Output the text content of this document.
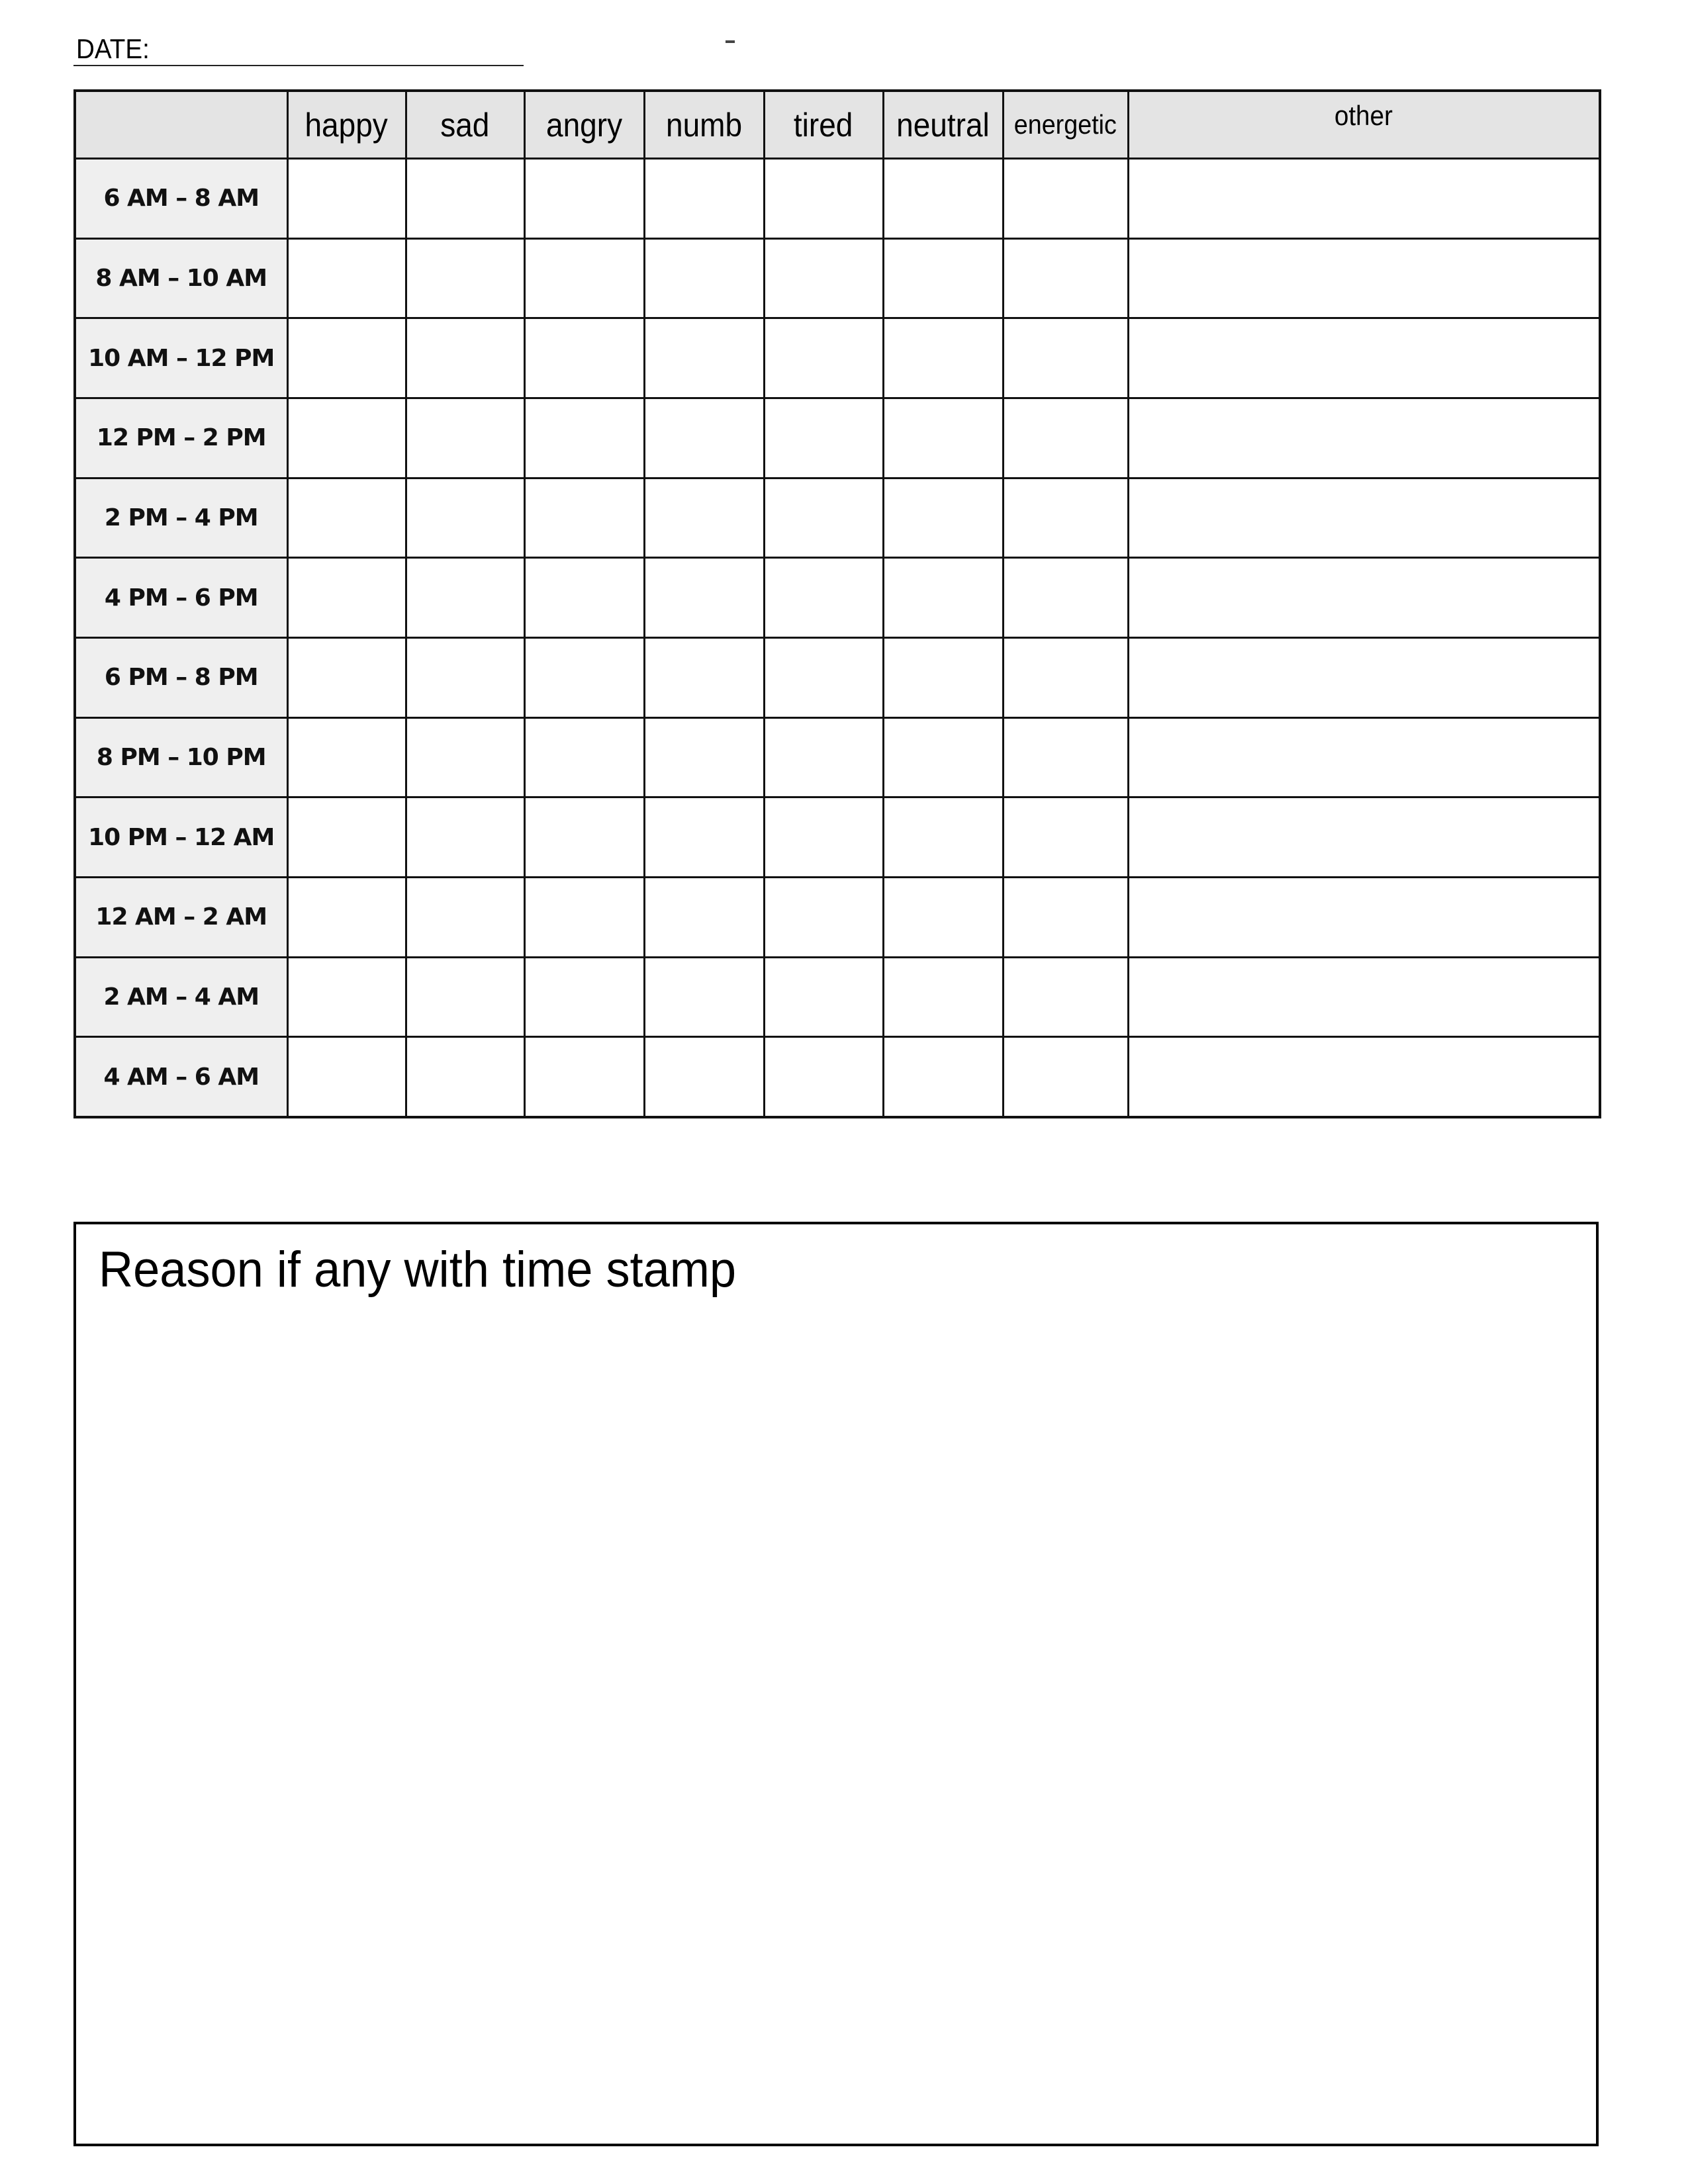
DATE:
	happy	sad	angry	numb	tired	neutral	energetic	other
6 AM – 8 AM								
8 AM – 10 AM								
10 AM – 12 PM								
12 PM – 2 PM								
2 PM – 4 PM								
4 PM – 6 PM								
6 PM – 8 PM								
8 PM – 10 PM								
10 PM – 12 AM								
12 AM – 2 AM								
2 AM – 4 AM								
4 AM – 6 AM								
Reason if any with time stamp
